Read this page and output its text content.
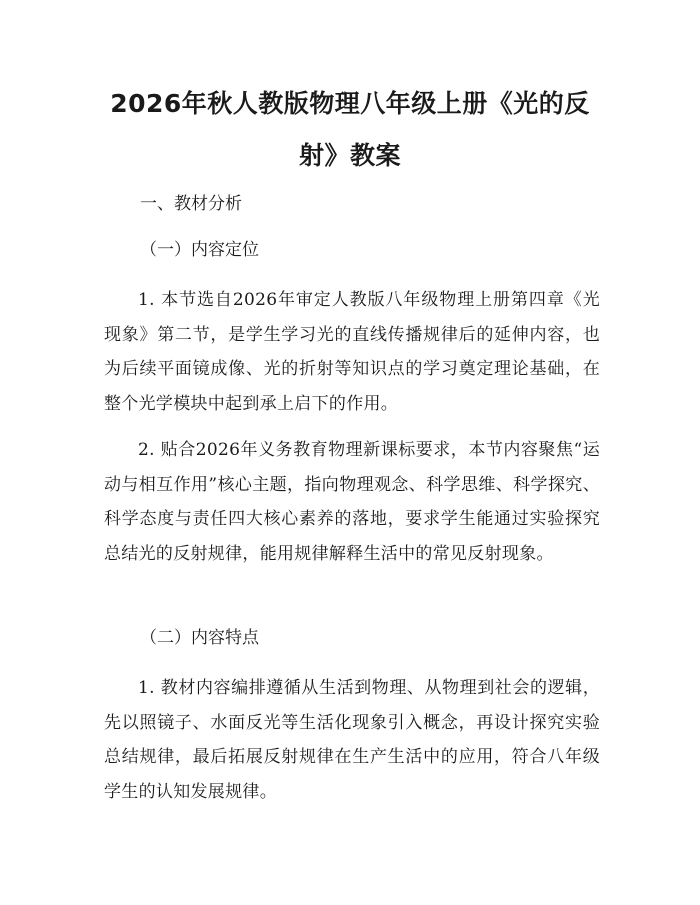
2026年秋人教版物理八年级上册《光的反射》教案

一、教材分析

（一）内容定位

1. 本节选自2026年审定人教版八年级物理上册第四章《光现象》第二节，是学生学习光的直线传播规律后的延伸内容，也为后续平面镜成像、光的折射等知识点的学习奠定理论基础，在整个光学模块中起到承上启下的作用。

2. 贴合2026年义务教育物理新课标要求，本节内容聚焦“运动与相互作用”核心主题，指向物理观念、科学思维、科学探究、科学态度与责任四大核心素养的落地，要求学生能通过实验探究总结光的反射规律，能用规律解释生活中的常见反射现象。

（二）内容特点

1. 教材内容编排遵循从生活到物理、从物理到社会的逻辑，先以照镜子、水面反光等生活化现象引入概念，再设计探究实验总结规律，最后拓展反射规律在生产生活中的应用，符合八年级学生的认知发展规律。
